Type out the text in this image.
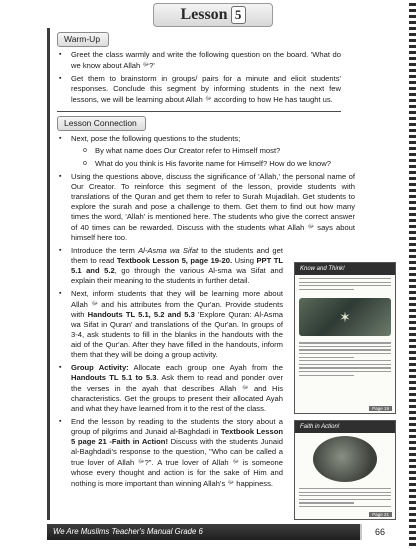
Lesson 5
Warm-Up
▪ Greet the class warmly and write the following question on the board. 'What do we know about Allah $^ﷻ$?'
▪ Get them to brainstorm in groups/ pairs for a minute and elicit students' responses. Conclude this segment by informing students in the next few lessons, we will be learning about Allah $^ﷻ$ according to how He has taught us.
Lesson Connection
▪ Next, pose the following questions to the students;
o By what name does Our Creator refer to Himself most?
o What do you think is His favorite name for Himself? How do we know?
▪ Using the questions above, discuss the significance of 'Allah,' the personal name of Our Creator. To reinforce this segment of the lesson, provide students with translations of the Quran and get them to refer to Surah Mujadilah. Get students to explore the surah and pose a challenge to them. Get them to find out how many times the word, 'Allah' is mentioned here. The students who give the correct answer of 40 times can be rewarded. Discuss with the students what Allah $^ﷻ$ says about himself here too.
▪ Introduce the term Al-Asma wa Sifat to the students and get them to read Textbook Lesson 5, page 19-20. Using PPT TL 5.1 and 5.2, go through the various Al-sma wa Sifat and explain their meaning to the students in further detail.
▪ Next, inform students that they will be learning more about Allah $^ﷻ$ and his attributes from the Qur'an. Provide students with Handouts TL 5.1, 5.2 and 5.3 'Explore Quran: Al-Asma wa Sifat in Quran' and translations of the Qur'an. In groups of 3-4, ask students to fill in the blanks in the handouts with the aid of the Qur'an. After they have filled in the handouts, inform them that they will be doing a group activity.
▪ Group Activity: Allocate each group one Ayah from the Handouts TL 5.1 to 5.3. Ask them to read and ponder over the verses in the ayah that describes Allah $^ﷻ$ and His characteristics. Get the groups to present their allocated Ayah and what they have learned from it to the rest of the class.
▪ End the lesson by reading to the students the story about a group of pilgrims and Junaid al-Baghdadi in Textbook Lesson 5 page 21 -Faith in Action! Discuss with the students Junaid al-Baghdadi's response to the question, "Who can be called a true lover of Allah $^ﷻ$?". A true lover of Allah $^ﷻ$ is someone whose every thought and action is for the sake of Him and nothing is more important than winning Allah's $^ﷻ$ happiness.
Know and Think!
✶
Page 19
Faith in Action!
Page 21
We Are Muslims Teacher's Manual Grade 6	66
